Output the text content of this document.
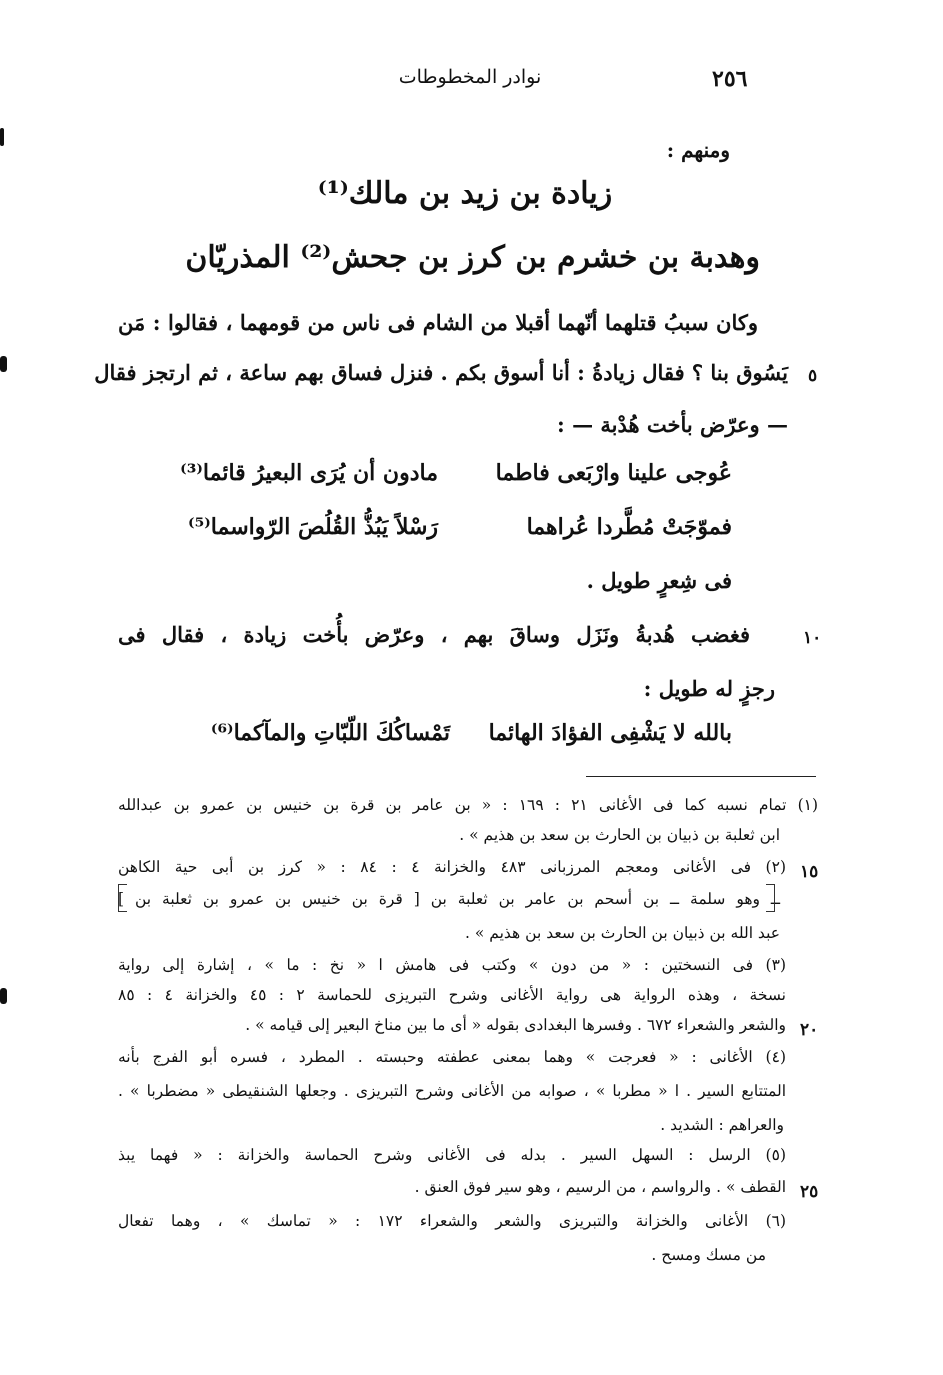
٢٥٦
نوادر المخطوطات
ومنهم :
زيادة بن زيد بن مالك⁽¹⁾
وهدبة بن خشرم بن كرز بن جحش⁽²⁾ المذريّان
وكان سببُ قتلهما أنّهما أقبلا من الشام فى ناس من قومهما ، فقالوا : مَن
يَسُوق بنا ؟ فقال زيادةُ : أنا أسوق بكم . فنزل فساق بهم ساعة ، ثم ارتجز فقال
— وعرّض بأخت هُدْبة — :
عُوجى علينا وارْبَعى فاطما
مادون أن يُرَى البعيرُ قائما⁽³⁾
فموّجَتْ مُطَّردا عُراهما
رَسْلاً يَبُذُّ القُلُصَ الرّواسما⁽⁵⁾
فى شِعرٍ طويل .
فغضب هُدبةُ ونَزَل وساقَ بهم ، وعرّض بأُخت زيادة ، فقال فى
رجزٍ له طويل :
بالله لا يَشْفِى الفؤادَ الهائما
تَمْساكُكَ اللّبّاتِ والمآكما⁽⁶⁾
(١) تمام نسبه كما فى الأغانى ٢١ : ١٦٩ : « بن عامر بن قرة بن خنيس بن عمرو بن عبدالله
ابن ثعلبة بن ذبيان بن الحارث بن سعد بن هذيم » .
(٢) فى الأغانى ومعجم المرزبانى ٤٨٣ والخزانة ٤ : ٨٤ : « كرز بن أبى حية الكاهن
ــ وهو سلمة ــ بن أسحم بن عامر بن ثعلبة بن [ قرة بن خنيس بن عمرو بن ثعلبة بن ]
عبد الله بن ذبيان بن الحارث بن سعد بن هذيم » .
(٣) فى النسختين : « من دون » وكتب فى هامش ا « نخ : ما » ، إشارة إلى رواية
نسخة ، وهذه الرواية هى رواية الأغانى وشرح التبريزى للحماسة ٢ : ٤٥ والخزانة ٤ : ٨٥
والشعر والشعراء ٦٧٢ . وفسرها البغدادى بقوله « أى ما بين مناخ البعير إلى قيامه » .
(٤) الأغانى : « فعرجت » وهما بمعنى عطفته وحبسته . المطرد ، فسره أبو الفرج بأنه
المتتابع السير . ا « مطربا » ، صوابه من الأغانى وشرح التبريزى . وجعلها الشنقيطى « مضطربا » .
والعراهم : الشديد .
(٥) الرسل : السهل السير . بدله فى الأغانى وشرح الحماسة والخزانة : « فهما يبذ
القطف » . والرواسم ، من الرسيم ، وهو سير فوق العنق .
(٦) الأغانى والخزانة والتبريزى والشعر والشعراء ١٧٢ : « تماسك » ، وهما تفعال
من مسك ومسح .
٥
١٠
١٥
٢٠
٢٥
